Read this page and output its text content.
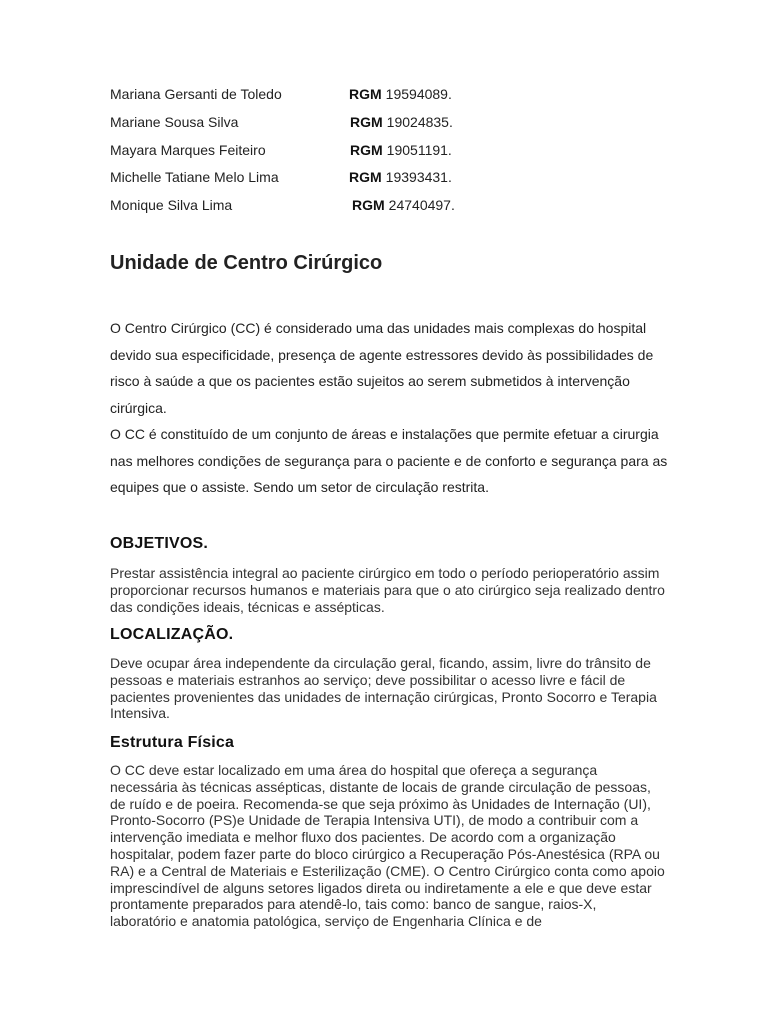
Mariana Gersanti de Toledo	RGM 19594089.
Mariane Sousa Silva	RGM 19024835.
Mayara Marques Feiteiro	RGM 19051191.
Michelle Tatiane Melo Lima	RGM 19393431.
Monique Silva Lima	RGM 24740497.
Unidade de Centro Cirúrgico

O Centro Cirúrgico (CC) é considerado uma das unidades mais complexas do hospital devido sua especificidade, presença de agente estressores devido às possibilidades de risco à saúde a que os pacientes estão sujeitos ao serem submetidos à intervenção cirúrgica.

O CC é constituído de um conjunto de áreas e instalações que permite efetuar a cirurgia nas melhores condições de segurança para o paciente e de conforto e segurança para as equipes que o assiste. Sendo um setor de circulação restrita.

OBJETIVOS.

Prestar assistência integral ao paciente cirúrgico em todo o período perioperatório assim proporcionar recursos humanos e materiais para que o ato cirúrgico seja realizado dentro das condições ideais, técnicas e assépticas.

LOCALIZAÇÃO.

Deve ocupar área independente da circulação geral, ficando, assim, livre do trânsito de pessoas e materiais estranhos ao serviço; deve possibilitar o acesso livre e fácil de pacientes provenientes das unidades de internação cirúrgicas, Pronto Socorro e Terapia Intensiva.

Estrutura Física

O CC deve estar localizado em uma área do hospital que ofereça a segurança necessária às técnicas assépticas, distante de locais de grande circulação de pessoas, de ruído e de poeira. Recomenda-se que seja próximo às Unidades de Internação (UI), Pronto-Socorro (PS)e Unidade de Terapia Intensiva UTI), de modo a contribuir com a intervenção imediata e melhor fluxo dos pacientes. De acordo com a organização hospitalar, podem fazer parte do bloco cirúrgico a Recuperação Pós-Anestésica (RPA ou RA) e a Central de Materiais e Esterilização (CME). O Centro Cirúrgico conta como apoio imprescindível de alguns setores ligados direta ou indiretamente a ele e que deve estar prontamente preparados para atendê-lo, tais como: banco de sangue, raios-X, laboratório e anatomia patológica, serviço de Engenharia Clínica e de
